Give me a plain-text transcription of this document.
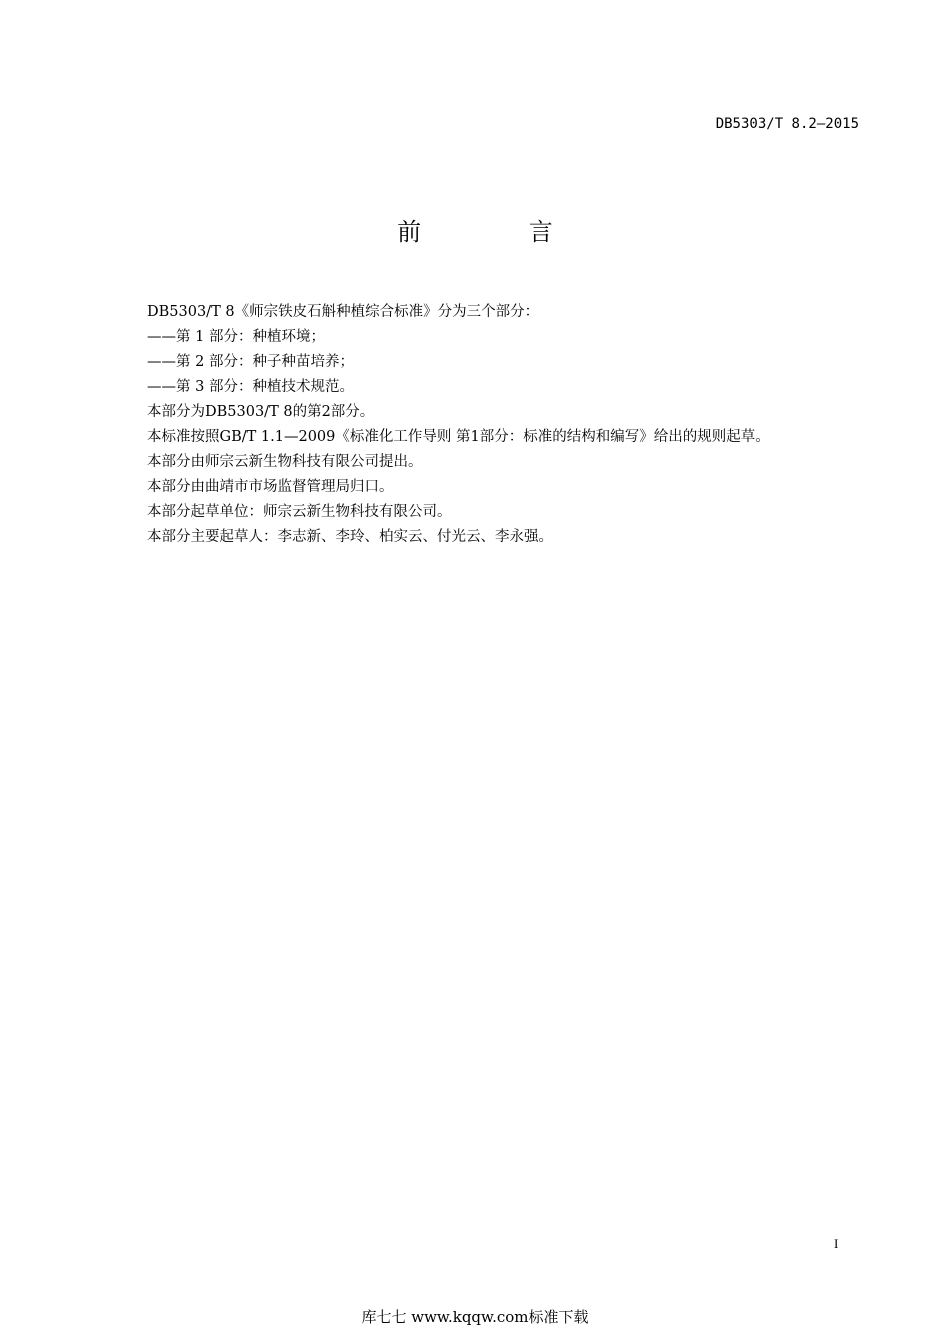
DB5303/T 8.2—2015
前 言
DB5303/T 8《师宗铁皮石斛种植综合标准》分为三个部分：
——第 1 部分：种植环境；
——第 2 部分：种子种苗培养；
——第 3 部分：种植技术规范。
本部分为DB5303/T 8的第2部分。
本标准按照GB/T 1.1—2009《标准化工作导则 第1部分：标准的结构和编写》给出的规则起草。
本部分由师宗云新生物科技有限公司提出。
本部分由曲靖市市场监督管理局归口。
本部分起草单位：师宗云新生物科技有限公司。
本部分主要起草人：李志新、李玲、柏实云、付光云、李永强。
I
库七七 www.kqqw.com标准下载
